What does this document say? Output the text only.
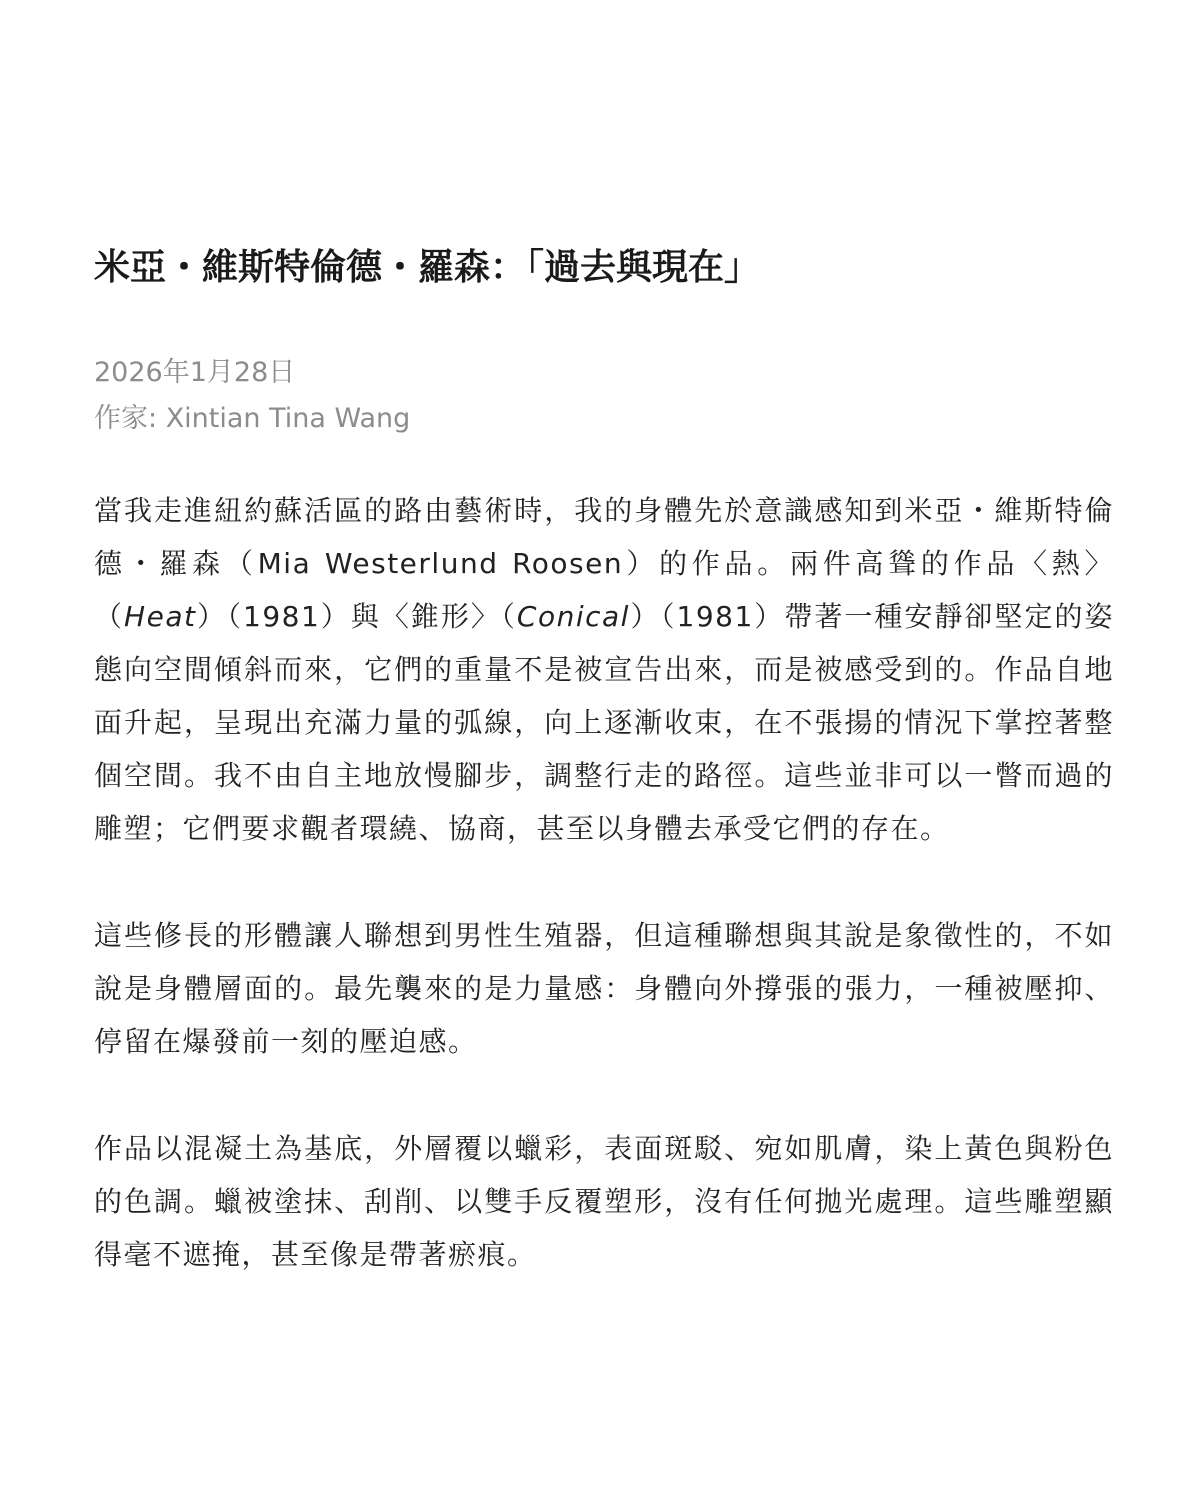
米亞・維斯特倫德・羅森：「過去與現在」
2026年1月28日
作家: Xintian Tina Wang

當我走進紐約蘇活區的路由藝術時，我的身體先於意識感知到米亞・維斯特倫德・羅森（Mia Westerlund Roosen）的作品。兩件高聳的作品〈熱〉（Heat）（1981）與〈錐形〉（Conical）（1981）帶著一種安靜卻堅定的姿態向空間傾斜而來，它們的重量不是被宣告出來，而是被感受到的。作品自地面升起，呈現出充滿力量的弧線，向上逐漸收束，在不張揚的情況下掌控著整個空間。我不由自主地放慢腳步，調整行走的路徑。這些並非可以一瞥而過的雕塑；它們要求觀者環繞、協商，甚至以身體去承受它們的存在。

這些修長的形體讓人聯想到男性生殖器，但這種聯想與其說是象徵性的，不如說是身體層面的。最先襲來的是力量感：身體向外撐張的張力，一種被壓抑、停留在爆發前一刻的壓迫感。

作品以混凝土為基底，外層覆以蠟彩，表面斑駁、宛如肌膚，染上黃色與粉色的色調。蠟被塗抹、刮削、以雙手反覆塑形，沒有任何拋光處理。這些雕塑顯得毫不遮掩，甚至像是帶著瘀痕。
